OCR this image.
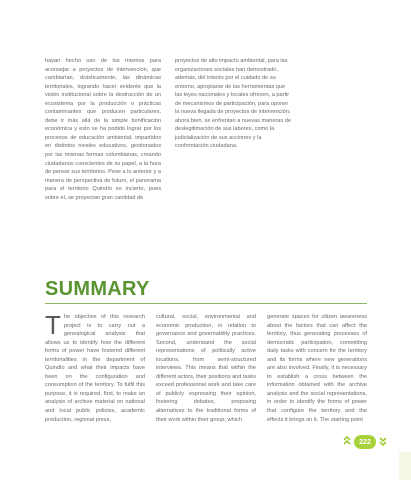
hayan hecho uso de los mismos para aconsejar a proyectos de intervención, que cambiarían, drásticamente, las dinámicas territoriales, logrando hacer evidente que la visión institucional sobre la destrucción de un ecosistema por la producción o prácticas contaminantes que producen particulares, debe ir más allá de la simple bonificación económica y esto se ha podido lograr por los procesos de educación ambiental, impartidos en distintos niveles educativos, gestionados por las mismas formas colombianas, creando ciudadanos conscientes de su papel, a la hora de pensar sus territorios. Pese a lo anterior y a manera de perspectiva de futuro, el panorama para el territorio Quindío es incierto, pues sobre el, se proyectan gran cantidad de
proyectos de alto impacto ambiental, para las organizaciones sociales han demostrado, además, del interés por el cuidado de su entorno, apropiarse de las herramientas que las leyes nacionales y locales ofrecen, a partir de mecanismos de participación, para oponer la nueva llegada de proyectos de intervención; ahora bien, se enfrentan a nuevas maneras de deslegitimación de sus labores, como la judicialización de sus acciones y la confrontación ciudadana.
SUMMARY
T he objective of this research project is to carry out a genealogical analysis that allows us to identify how the different forms of power have fostered different territorialities in the department of Quindío and what their impacts have been on the configuration and consumption of the territory. To fulfil this purpose, it is required, first, to make an analysis of archive material on national and local public policies, academic production, regional press,
cultural, social, environmental and economic production, in relation to governance and governability practices. Second, understand the social representations of politically active locations, from semi-structured interviews. This means that within the different actors, their positions and tasks exceed professional work and take care of publicly expressing their opinion, fostering debates, proposing alternatives to the traditional forms of their work within their group; which
generate spaces for citizen awareness about the factors that can affect the territory, thus generating processes of democratic participation, committing daily tasks with concern for the territory and its forms where new generations are also involved. Finally, it is necessary to establish a cross between the information obtained with the archive analysis and the social representations, in order to identify the forms of power that configure the territory and the effects it brings on it. The starting point
222
